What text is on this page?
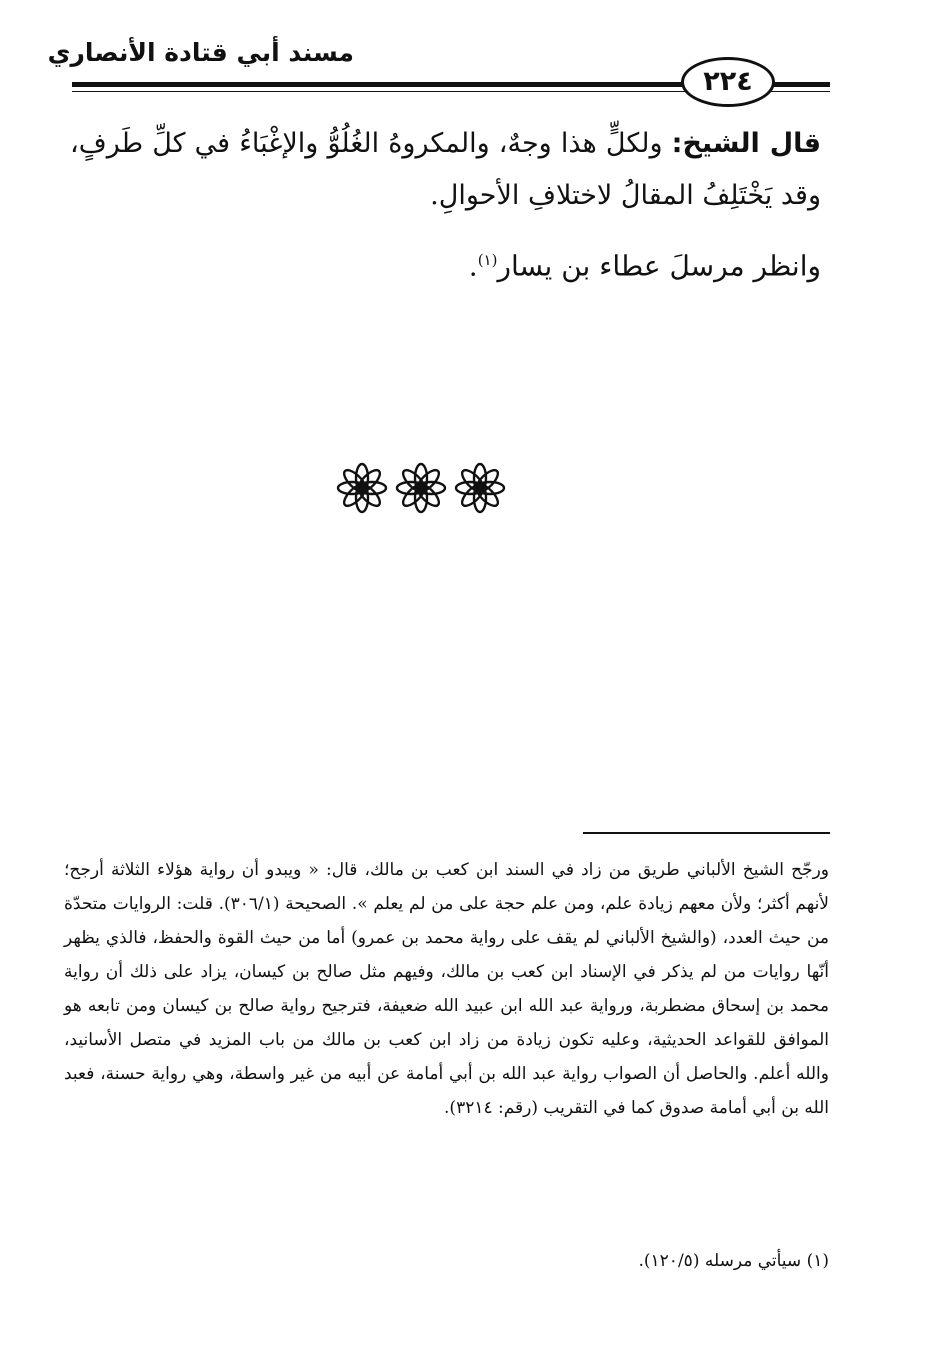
مسند أبي قتادة الأنصاري
٢٢٤
قال الشيخ: ولكلٍّ هذا وجهٌ، والمكروهُ الغُلُوُّ والإغْبَاءُ في كلِّ طَرفٍ، وقد يَخْتَلِفُ المقالُ لاختلافِ الأحوالِ.
وانظر مرسلَ عطاء بن يسار$^{(١)}$.
ورجّح الشيخ الألباني طريق من زاد في السند ابن كعب بن مالك، قال: « ويبدو أن رواية هؤلاء الثلاثة أرجح؛ لأنهم أكثر؛ ولأن معهم زيادة علم، ومن علم حجة على من لم يعلم ». الصحيحة (٣٠٦/١). قلت: الروايات متحدّة من حيث العدد، (والشيخ الألباني لم يقف على رواية محمد بن عمرو) أما من حيث القوة والحفظ، فالذي يظهر أنّها روايات من لم يذكر في الإسناد ابن كعب بن مالك، وفيهم مثل صالح بن كيسان، يزاد على ذلك أن رواية محمد بن إسحاق مضطربة، ورواية عبد الله ابن عبيد الله ضعيفة، فترجيح رواية صالح بن كيسان ومن تابعه هو الموافق للقواعد الحديثية، وعليه تكون زيادة من زاد ابن كعب بن مالك من باب المزيد في متصل الأسانيد، والله أعلم. والحاصل أن الصواب رواية عبد الله بن أبي أمامة عن أبيه من غير واسطة، وهي رواية حسنة، فعبد الله بن أبي أمامة صدوق كما في التقريب (رقم: ٣٢١٤).
(١) سيأتي مرسله (١٢٠/٥).
